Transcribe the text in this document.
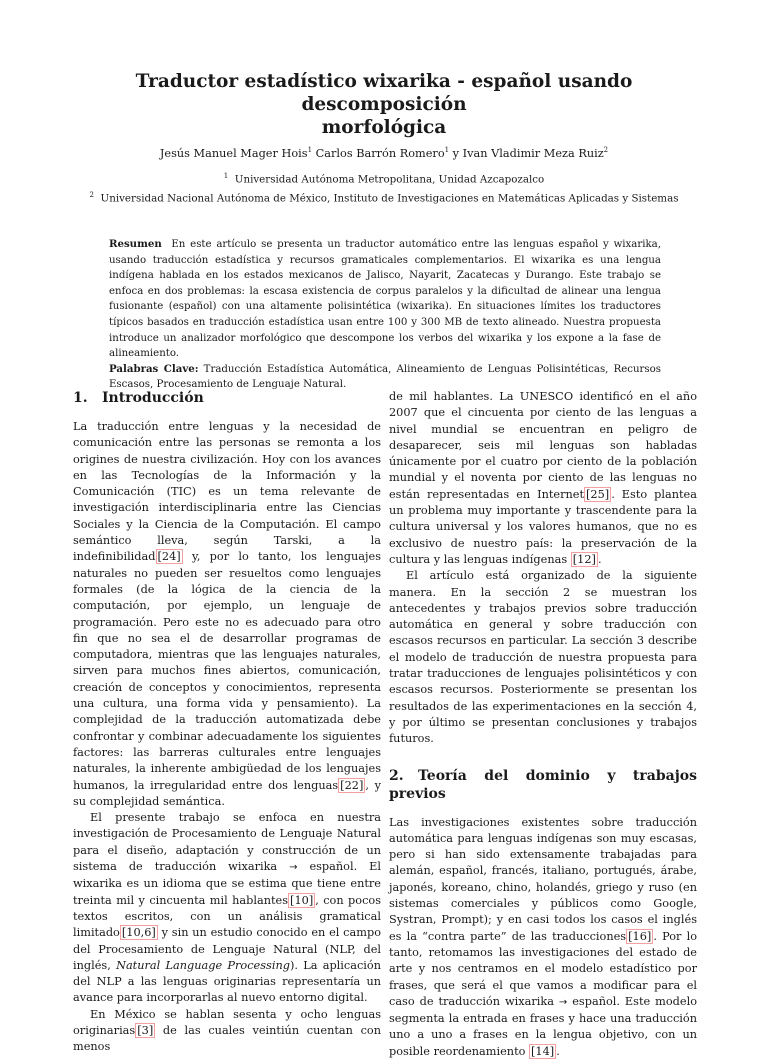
Traductor estadístico wixarika - español usando descomposición
morfológica
Jesús Manuel Mager Hois$^1$ Carlos Barrón Romero$^1$ y Ivan Vladimir Meza Ruiz$^2$
$^1$ Universidad Autónoma Metropolitana, Unidad Azcapozalco
$^2$ Universidad Nacional Autónoma de México, Instituto de Investigaciones en Matemáticas Aplicadas y Sistemas

Resumen En este artículo se presenta un traductor automático entre las lenguas español y wixarika, usando traducción estadística y recursos gramaticales complementarios. El wixarika es una lengua indígena hablada en los estados mexicanos de Jalisco, Nayarit, Zacatecas y Durango. Este trabajo se enfoca en dos problemas: la escasa existencia de corpus paralelos y la dificultad de alinear una lengua fusionante (español) con una altamente polisintética (wixarika). En situaciones límites los traductores típicos basados en traducción estadística usan entre 100 y 300 MB de texto alineado. Nuestra propuesta introduce un analizador morfológico que descompone los verbos del wixarika y los expone a la fase de alineamiento.

Palabras Clave: Traducción Estadística Automática, Alineamiento de Lenguas Polisintéticas, Recursos Escasos, Procesamiento de Lenguaje Natural.

1. Introducción

La traducción entre lenguas y la necesidad de comunicación entre las personas se remonta a los origines de nuestra civilización. Hoy con los avances en las Tecnologías de la Información y la Comunicación (TIC) es un tema relevante de investigación interdisciplinaria entre las Ciencias Sociales y la Ciencia de la Computación. El campo semántico lleva, según Tarski, a la indefinibilidad [24] y, por lo tanto, los lenguajes naturales no pueden ser resueltos como lenguajes formales (de la lógica de la ciencia de la computación, por ejemplo, un lenguaje de programación. Pero este no es adecuado para otro fin que no sea el de desarrollar programas de computadora, mientras que las lenguajes naturales, sirven para muchos fines abiertos, comunicación, creación de conceptos y conocimientos, representa una cultura, una forma vida y pensamiento). La complejidad de la traducción automatizada debe confrontar y combinar adecuadamente los siguientes factores: las barreras culturales entre lenguajes naturales, la inherente ambigüedad de los lenguajes humanos, la irregularidad entre dos lenguas [22] , y su complejidad semántica.

El presente trabajo se enfoca en nuestra investigación de Procesamiento de Lenguaje Natural para el diseño, adaptación y construcción de un sistema de traducción wixarika → español. El wixarika es un idioma que se estima que tiene entre treinta mil y cincuenta mil hablantes [10] , con pocos textos escritos, con un análisis gramatical limitado [10,6] y sin un estudio conocido en el campo del Procesamiento de Lenguaje Natural (NLP, del inglés, Natural Language Processing). La aplicación del NLP a las lenguas originarias representaría un avance para incorporarlas al nuevo entorno digital.

En México se hablan sesenta y ocho lenguas originarias [3] de las cuales veintiún cuentan con menos

de mil hablantes. La UNESCO identificó en el año 2007 que el cincuenta por ciento de las lenguas a nivel mundial se encuentran en peligro de desaparecer, seis mil lenguas son habladas únicamente por el cuatro por ciento de la población mundial y el noventa por ciento de las lenguas no están representadas en Internet [25] . Esto plantea un problema muy importante y trascendente para la cultura universal y los valores humanos, que no es exclusivo de nuestro país: la preservación de la cultura y las lenguas indígenas [12] .

El artículo está organizado de la siguiente manera. En la sección 2 se muestran los antecedentes y trabajos previos sobre traducción automática en general y sobre traducción con escasos recursos en particular. La sección 3 describe el modelo de traducción de nuestra propuesta para tratar traducciones de lenguajes polisintéticos y con escasos recursos. Posteriormente se presentan los resultados de las experimentaciones en la sección 4, y por último se presentan conclusiones y trabajos futuros.

2. Teoría del dominio y trabajos previos

Las investigaciones existentes sobre traducción automática para lenguas indígenas son muy escasas, pero si han sido extensamente trabajadas para alemán, español, francés, italiano, portugués, árabe, japonés, koreano, chino, holandés, griego y ruso (en sistemas comerciales y públicos como Google, Systran, Prompt); y en casi todos los casos el inglés es la “contra parte” de las traducciones [16] . Por lo tanto, retomamos las investigaciones del estado de arte y nos centramos en el modelo estadístico por frases, que será el que vamos a modificar para el caso de traducción wixarika → español. Este modelo segmenta la entrada en frases y hace una traducción uno a uno a frases en la lengua objetivo, con un posible reordenamiento [14] .
